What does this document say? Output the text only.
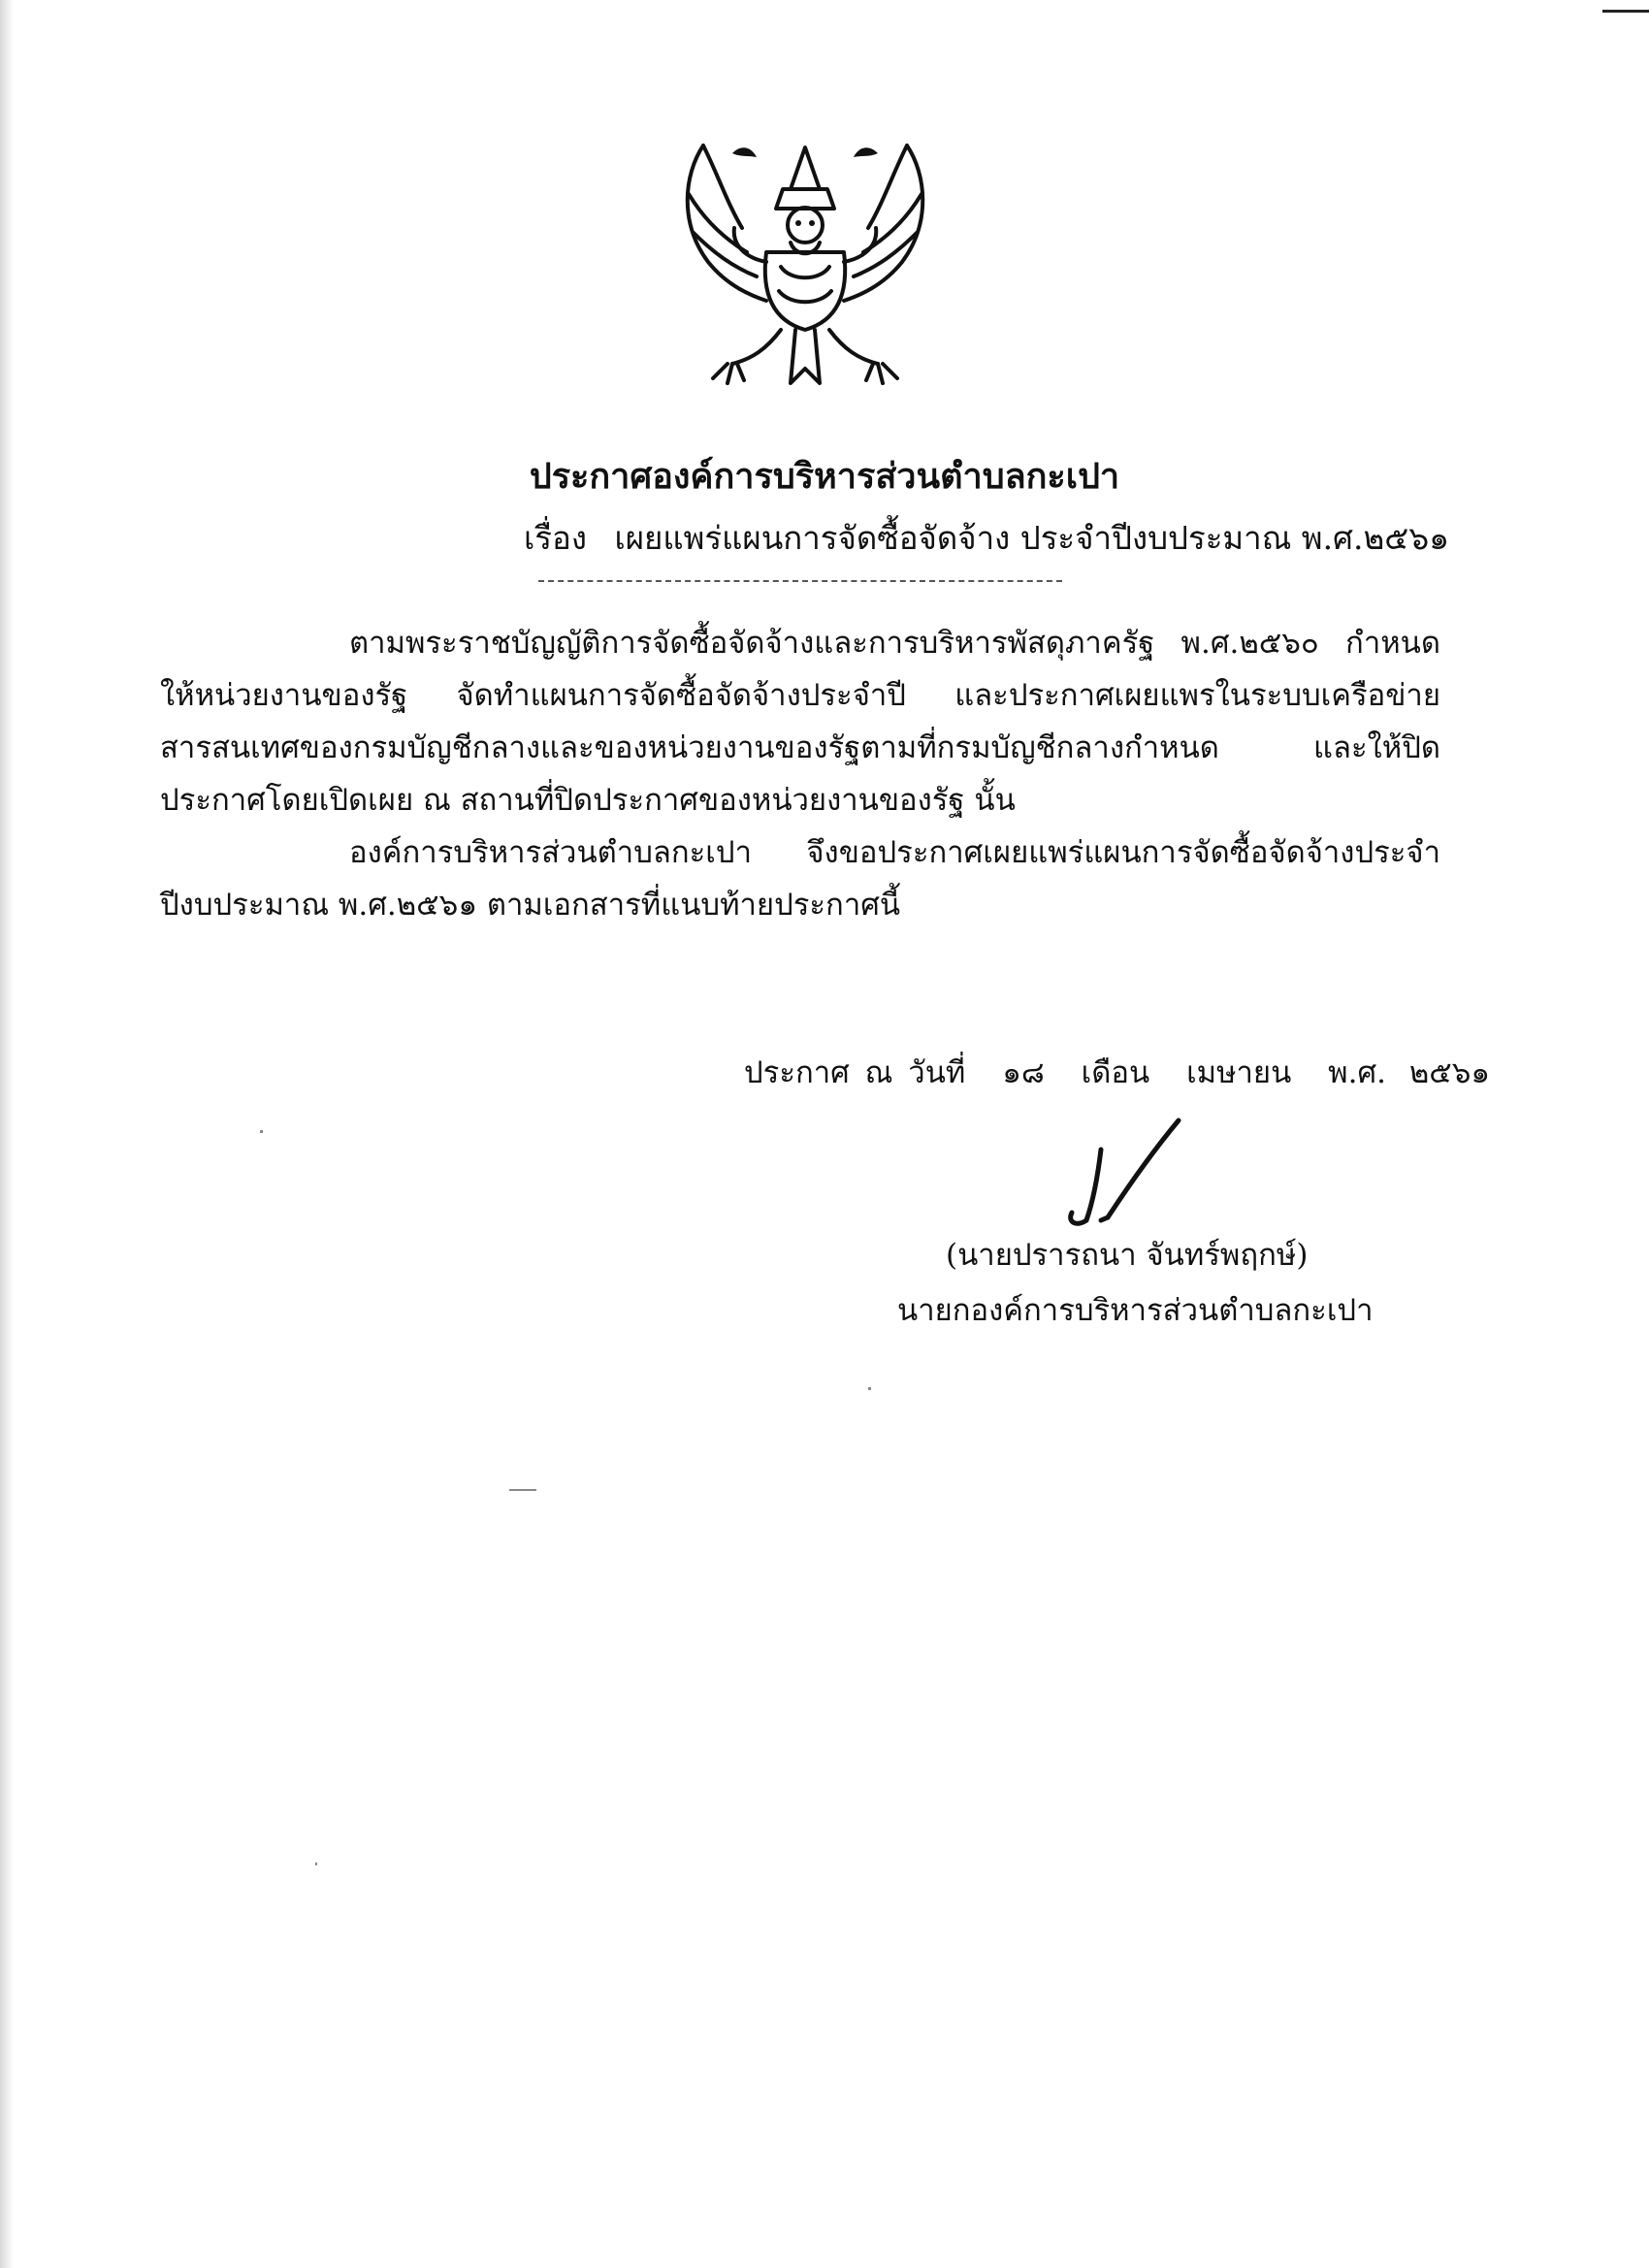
ประกาศองค์การบริหารส่วนตำบลกะเปา
เรื่อง เผยแพร่แผนการจัดซื้อจัดจ้าง ประจำปีงบประมาณ พ.ศ.๒๕๖๑

ตามพระราชบัญญัติการจัดซื้อจัดจ้างและการบริหารพัสดุภาครัฐ พ.ศ.๒๕๖๐ กำหนดให้หน่วยงานของรัฐ จัดทำแผนการจัดซื้อจัดจ้างประจำปี และประกาศเผยแพรในระบบเครือข่ายสารสนเทศของกรมบัญชีกลางและของหน่วยงานของรัฐตามที่กรมบัญชีกลางกำหนด และให้ปิดประกาศโดยเปิดเผย ณ สถานที่ปิดประกาศของหน่วยงานของรัฐ นั้น

องค์การบริหารส่วนตำบลกะเปา จึงขอประกาศเผยแพร่แผนการจัดซื้อจัดจ้างประจำปีงบประมาณ พ.ศ.๒๕๖๑ ตามเอกสารที่แนบท้ายประกาศนี้

ประกาศ ณ วันที่ ๑๘ เดือน เมษายน พ.ศ. ๒๕๖๑
(นายปรารถนา จันทร์พฤกษ์)
นายกองค์การบริหารส่วนตำบลกะเปา
